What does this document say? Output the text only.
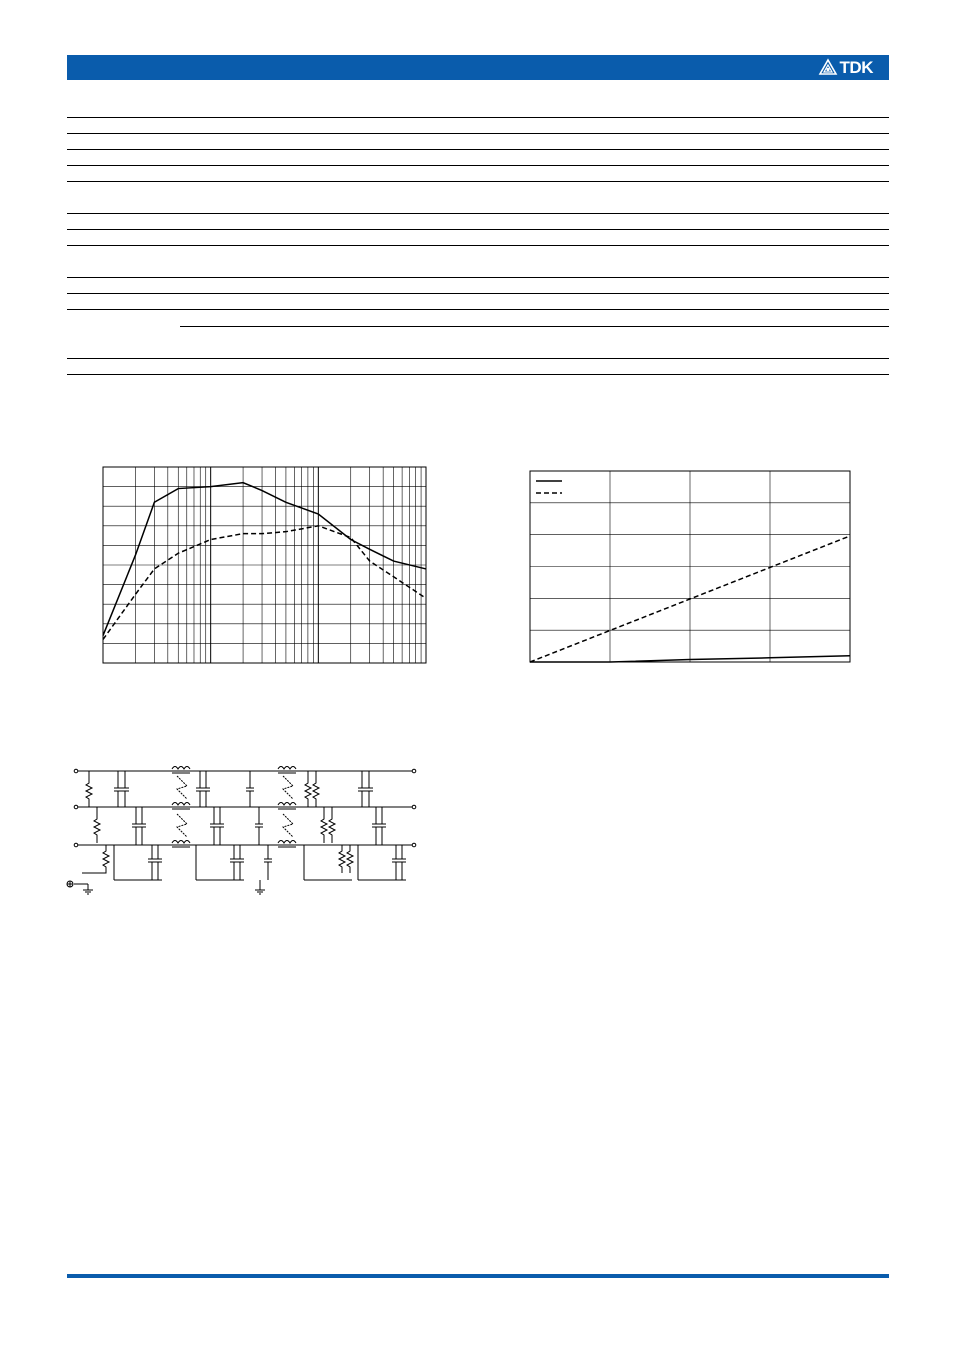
TDK
